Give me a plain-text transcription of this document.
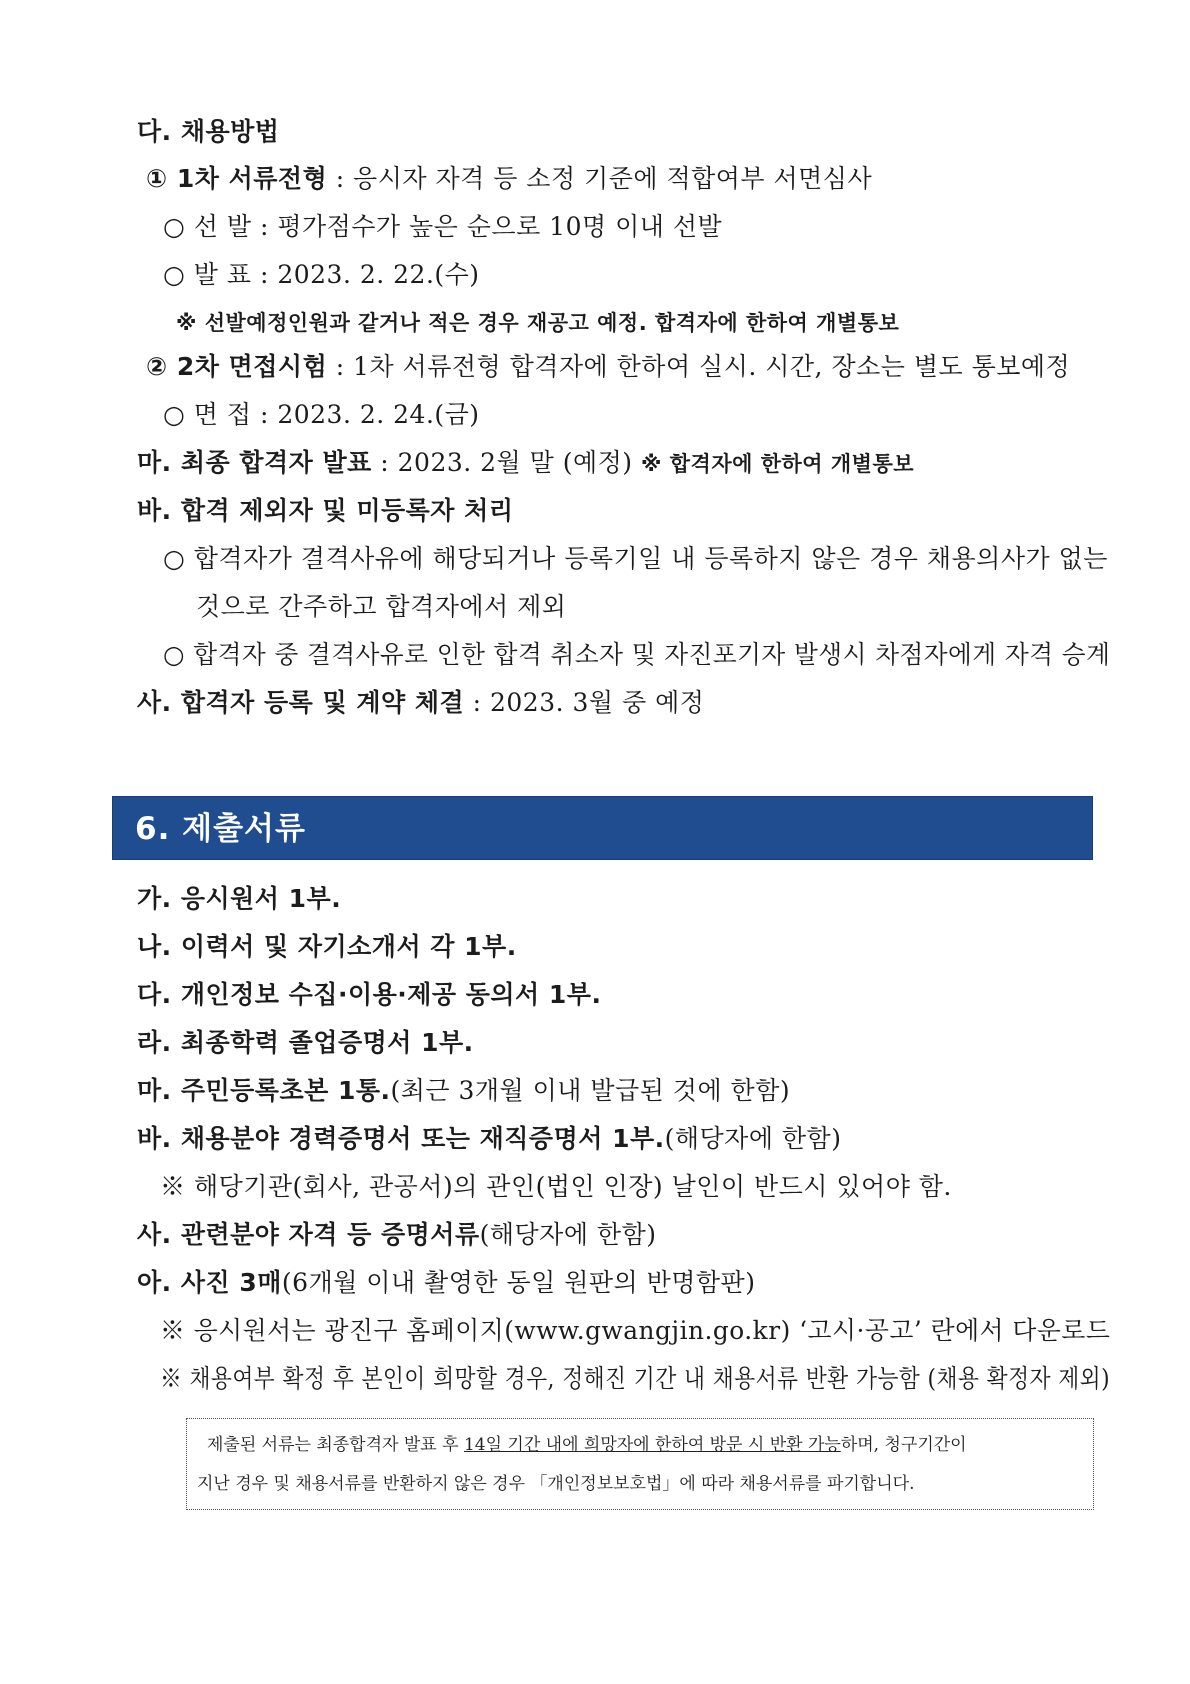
다. 채용방법
① 1차 서류전형 : 응시자 자격 등 소정 기준에 적합여부 서면심사
○ 선 발 : 평가점수가 높은 순으로 10명 이내 선발
○ 발 표 : 2023. 2. 22.(수)
※ 선발예정인원과 같거나 적은 경우 재공고 예정. 합격자에 한하여 개별통보
② 2차 면접시험 : 1차 서류전형 합격자에 한하여 실시. 시간, 장소는 별도 통보예정
○ 면 접 : 2023. 2. 24.(금)
마. 최종 합격자 발표 : 2023. 2월 말 (예정) ※ 합격자에 한하여 개별통보
바. 합격 제외자 및 미등록자 처리
○ 합격자가 결격사유에 해당되거나 등록기일 내 등록하지 않은 경우 채용의사가 없는
것으로 간주하고 합격자에서 제외
○ 합격자 중 결격사유로 인한 합격 취소자 및 자진포기자 발생시 차점자에게 자격 승계
사. 합격자 등록 및 계약 체결 : 2023. 3월 중 예정
6. 제출서류
가. 응시원서 1부.
나. 이력서 및 자기소개서 각 1부.
다. 개인정보 수집·이용·제공 동의서 1부.
라. 최종학력 졸업증명서 1부.
마. 주민등록초본 1통.(최근 3개월 이내 발급된 것에 한함)
바. 채용분야 경력증명서 또는 재직증명서 1부.(해당자에 한함)
※ 해당기관(회사, 관공서)의 관인(법인 인장) 날인이 반드시 있어야 함.
사. 관련분야 자격 등 증명서류(해당자에 한함)
아. 사진 3매(6개월 이내 촬영한 동일 원판의 반명함판)
※ 응시원서는 광진구 홈페이지(www.gwangjin.go.kr) ‘고시·공고’ 란에서 다운로드
※ 채용여부 확정 후 본인이 희망할 경우, 정해진 기간 내 채용서류 반환 가능함 (채용 확정자 제외)
제출된 서류는 최종합격자 발표 후 14일 기간 내에 희망자에 한하여 방문 시 반환 가능하며, 청구기간이
지난 경우 및 채용서류를 반환하지 않은 경우 「개인정보보호법」에 따라 채용서류를 파기합니다.
